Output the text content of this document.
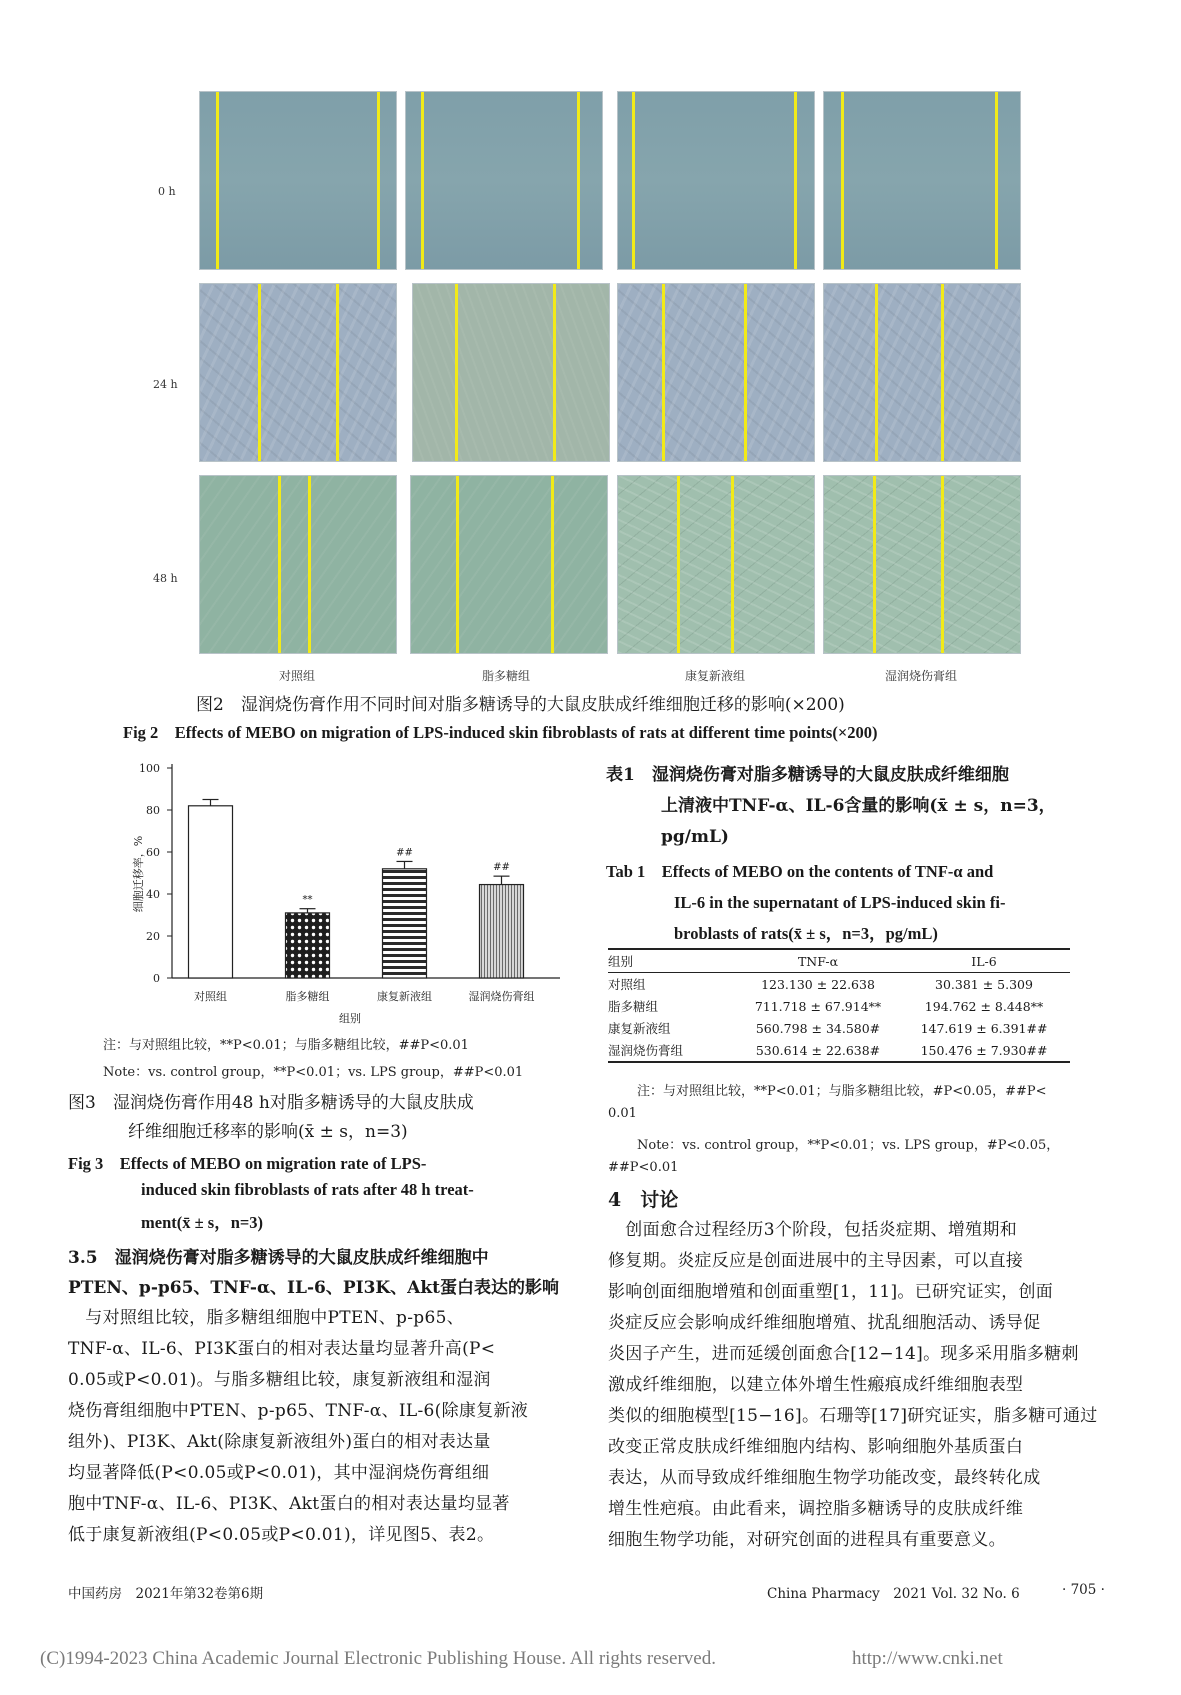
0 h
24 h
48 h
对照组	脂多糖组	康复新液组	湿润烧伤膏组
图2　湿润烧伤膏作用不同时间对脂多糖诱导的大鼠皮肤成纤维细胞迁移的影响(×200)
Fig 2　Effects of MEBO on migration of LPS-induced skin fibroblasts of rats at different time points(×200)
0
20
40
60
80
100
对照组
**
脂多糖组
##
康复新液组
##
湿润烧伤膏组
细胞迁移率，%
组别
注：与对照组比较，**P<0.01；与脂多糖组比较，##P<0.01
Note：vs. control group，**P<0.01；vs. LPS group，##P<0.01
图3　湿润烧伤膏作用48 h对脂多糖诱导的大鼠皮肤成
纤维细胞迁移率的影响(x̄ ± s，n=3)
Fig 3　Effects of MEBO on migration rate of LPS-
induced skin fibroblasts of rats after 48 h treat-
ment(x̄ ± s，n=3)
3.5　湿润烧伤膏对脂多糖诱导的大鼠皮肤成纤维细胞中
PTEN、p-p65、TNF-α、IL-6、PI3K、Akt蛋白表达的影响
　与对照组比较，脂多糖组细胞中PTEN、p-p65、
TNF-α、IL-6、PI3K蛋白的相对表达量均显著升高(P<
0.05或P<0.01)。与脂多糖组比较，康复新液组和湿润
烧伤膏组细胞中PTEN、p-p65、TNF-α、IL-6(除康复新液
组外)、PI3K、Akt(除康复新液组外)蛋白的相对表达量
均显著降低(P<0.05或P<0.01)，其中湿润烧伤膏组细
胞中TNF-α、IL-6、PI3K、Akt蛋白的相对表达量均显著
低于康复新液组(P<0.05或P<0.01)，详见图5、表2。
表1　湿润烧伤膏对脂多糖诱导的大鼠皮肤成纤维细胞
上清液中TNF-α、IL-6含量的影响(x̄ ± s，n=3，
pg/mL)
Tab 1　Effects of MEBO on the contents of TNF-α and
IL-6 in the supernatant of LPS-induced skin fi-
broblasts of rats(x̄ ± s，n=3，pg/mL)
组别	TNF-α	IL-6
对照组	123.130 ± 22.638	30.381 ± 5.309
脂多糖组	711.718 ± 67.914**	194.762 ± 8.448**
康复新液组	560.798 ± 34.580#	147.619 ± 6.391##
湿润烧伤膏组	530.614 ± 22.638#	150.476 ± 7.930##
注：与对照组比较，**P<0.01；与脂多糖组比较，#P<0.05，##P<
0.01
Note：vs. control group，**P<0.01；vs. LPS group，#P<0.05，
##P<0.01
4　讨论
　创面愈合过程经历3个阶段，包括炎症期、增殖期和
修复期。炎症反应是创面进展中的主导因素，可以直接
影响创面细胞增殖和创面重塑[1，11]。已研究证实，创面
炎症反应会影响成纤维细胞增殖、扰乱细胞活动、诱导促
炎因子产生，进而延缓创面愈合[12−14]。现多采用脂多糖刺
激成纤维细胞，以建立体外增生性瘢痕成纤维细胞表型
类似的细胞模型[15−16]。石珊等[17]研究证实，脂多糖可通过
改变正常皮肤成纤维细胞内结构、影响细胞外基质蛋白
表达，从而导致成纤维细胞生物学功能改变，最终转化成
增生性疤痕。由此看来，调控脂多糖诱导的皮肤成纤维
细胞生物学功能，对研究创面的进程具有重要意义。
中国药房　2021年第32卷第6期	China Pharmacy　2021 Vol. 32 No. 6	· 705 ·
(C)1994-2023 China Academic Journal Electronic Publishing House. All rights reserved.	http://www.cnki.net
